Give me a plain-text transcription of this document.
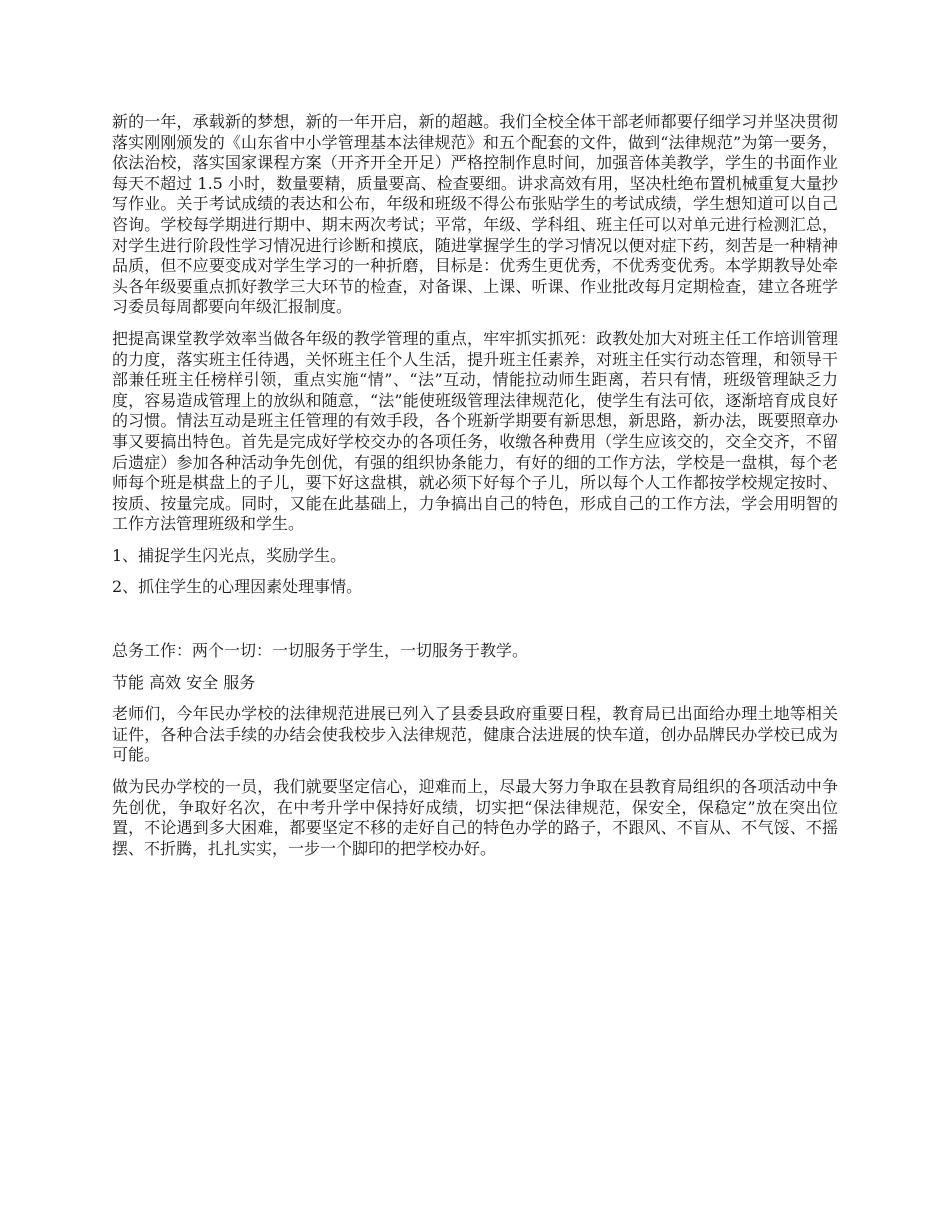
新的一年，承载新的梦想，新的一年开启，新的超越。我们全校全体干部老师都要仔细学习并坚决贯彻落实刚刚颁发的《山东省中小学管理基本法律规范》和五个配套的文件，做到“法律规范”为第一要务，依法治校，落实国家课程方案（开齐开全开足）严格控制作息时间，加强音体美教学，学生的书面作业每天不超过 1.5 小时，数量要精，质量要高、检查要细。讲求高效有用，坚决杜绝布置机械重复大量抄写作业。关于考试成绩的表达和公布，年级和班级不得公布张贴学生的考试成绩，学生想知道可以自己咨询。学校每学期进行期中、期末两次考试；平常，年级、学科组、班主任可以对单元进行检测汇总，对学生进行阶段性学习情况进行诊断和摸底，随进掌握学生的学习情况以便对症下药，刻苦是一种精神品质，但不应要变成对学生学习的一种折磨，目标是：优秀生更优秀，不优秀变优秀。本学期教导处牵头各年级要重点抓好教学三大环节的检查，对备课、上课、听课、作业批改每月定期检查，建立各班学习委员每周都要向年级汇报制度。

把提高课堂教学效率当做各年级的教学管理的重点，牢牢抓实抓死：政教处加大对班主任工作培训管理的力度，落实班主任待遇，关怀班主任个人生活，提升班主任素养，对班主任实行动态管理，和领导干部兼任班主任榜样引领，重点实施“情”、“法”互动，情能拉动师生距离，若只有情，班级管理缺乏力度，容易造成管理上的放纵和随意，“法”能使班级管理法律规范化，使学生有法可依，逐渐培育成良好的习惯。情法互动是班主任管理的有效手段，各个班新学期要有新思想，新思路，新办法，既要照章办事又要搞出特色。首先是完成好学校交办的各项任务，收缴各种费用（学生应该交的，交全交齐，不留后遗症）参加各种活动争先创优，有强的组织协条能力，有好的细的工作方法，学校是一盘棋，每个老师每个班是棋盘上的子儿，要下好这盘棋，就必须下好每个子儿，所以每个人工作都按学校规定按时、按质、按量完成。同时，又能在此基础上，力争搞出自己的特色，形成自己的工作方法，学会用明智的工作方法管理班级和学生。

1、捕捉学生闪光点，奖励学生。

2、抓住学生的心理因素处理事情。

总务工作：两个一切：一切服务于学生，一切服务于教学。

节能 高效 安全 服务

老师们，今年民办学校的法律规范进展已列入了县委县政府重要日程，教育局已出面给办理土地等相关证件，各种合法手续的办结会使我校步入法律规范，健康合法进展的快车道，创办品牌民办学校已成为可能。

做为民办学校的一员，我们就要坚定信心，迎难而上，尽最大努力争取在县教育局组织的各项活动中争先创优，争取好名次，在中考升学中保持好成绩，切实把“保法律规范，保安全，保稳定”放在突出位置，不论遇到多大困难，都要坚定不移的走好自己的特色办学的路子，不跟风、不盲从、不气馁、不摇摆、不折腾，扎扎实实，一步一个脚印的把学校办好。
